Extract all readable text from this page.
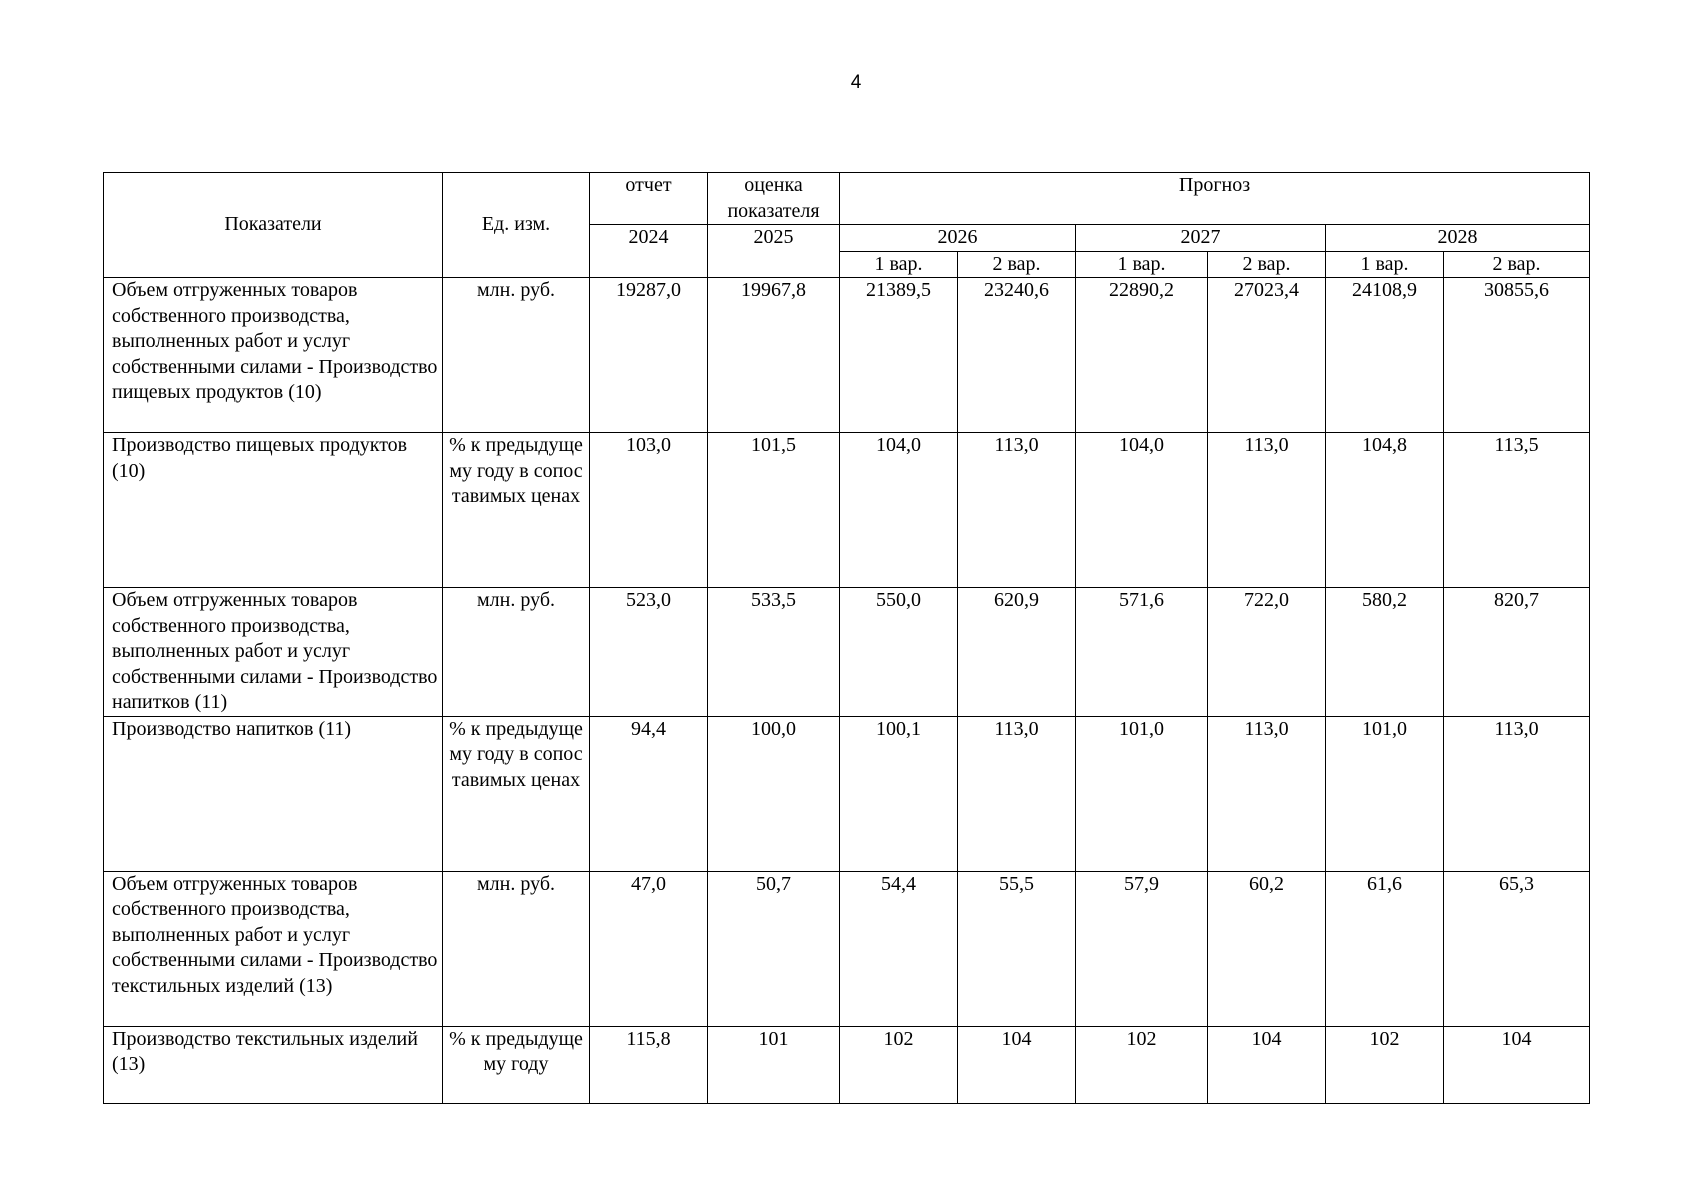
4
Показатели	Ед. изм.	отчет	оценка показателя	Прогноз					
		2024	2025	2026		2027		2028	
				1 вар.	2 вар.	1 вар.	2 вар.	1 вар.	2 вар.
Объем отгруженных товаров собственного производства, выполненных работ и услуг собственными силами - Производство пищевых продуктов (10)	млн. руб.	19287,0	19967,8	21389,5	23240,6	22890,2	27023,4	24108,9	30855,6
Производство пищевых продуктов (10)	% к предыдущему году в сопоставимых ценах	103,0	101,5	104,0	113,0	104,0	113,0	104,8	113,5
Объем отгруженных товаров собственного производства, выполненных работ и услуг собственными силами - Производство напитков (11)	млн. руб.	523,0	533,5	550,0	620,9	571,6	722,0	580,2	820,7
Производство напитков (11)	% к предыдущему году в сопоставимых ценах	94,4	100,0	100,1	113,0	101,0	113,0	101,0	113,0
Объем отгруженных товаров собственного производства, выполненных работ и услуг собственными силами - Производство текстильных изделий (13)	млн. руб.	47,0	50,7	54,4	55,5	57,9	60,2	61,6	65,3
Производство текстильных изделий (13)	% к предыдущему году	115,8	101	102	104	102	104	102	104
